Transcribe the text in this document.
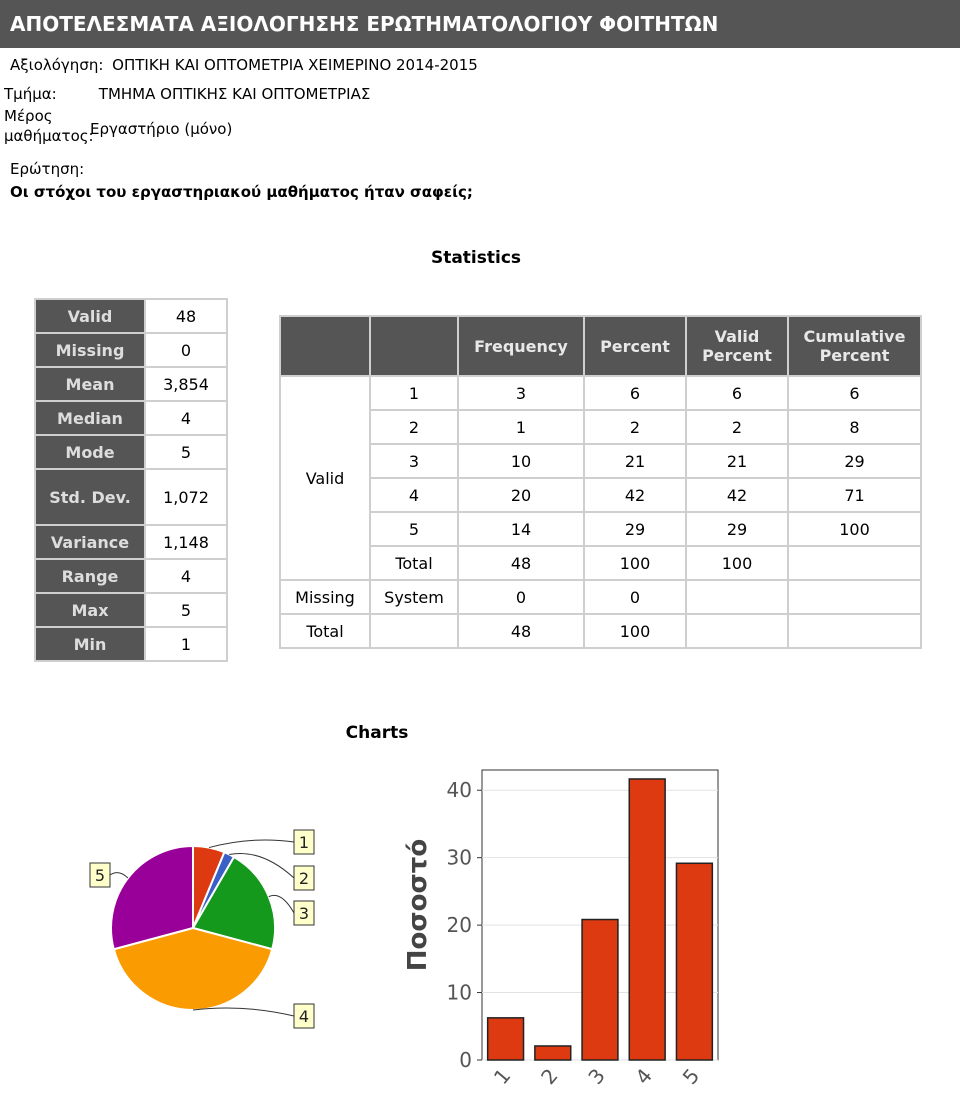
ΑΠΟΤΕΛΕΣΜΑΤΑ ΑΞΙΟΛΟΓΗΣΗΣ ΕΡΩΤΗΜΑΤΟΛΟΓΙΟΥ ΦΟΙΤΗΤΩΝ
Αξιολόγηση: ΟΠΤΙΚΗ ΚΑΙ ΟΠΤΟΜΕΤΡΙΑ ΧΕΙΜΕΡΙΝΟ 2014-2015
Τμήμα:	ΤΜΗΜΑ ΟΠΤΙΚΗΣ ΚΑΙ ΟΠΤΟΜΕΤΡΙΑΣ
Μέρος
μαθήματος:
Εργαστήριο (μόνο)
Ερώτηση:
Οι στόχοι του εργαστηριακού μαθήματος ήταν σαφείς;
Statistics
Valid	48
Missing	0
Mean	3,854
Median	4
Mode	5
Std. Dev.	1,072
Variance	1,148
Range	4
Max	5
Min	1
		Frequency	Percent	Valid Percent	Cumulative Percent
Valid	1	3	6	6	6
	2	1	2	2	8
	3	10	21	21	29
	4	20	42	42	71
	5	14	29	29	100
	Total	48	100	100	
Missing	System	0	0		
Total		48	100		
Charts
1
2
3
4
5
0
10
20
30
40
1 2 3 4 5
Ποσοστό
